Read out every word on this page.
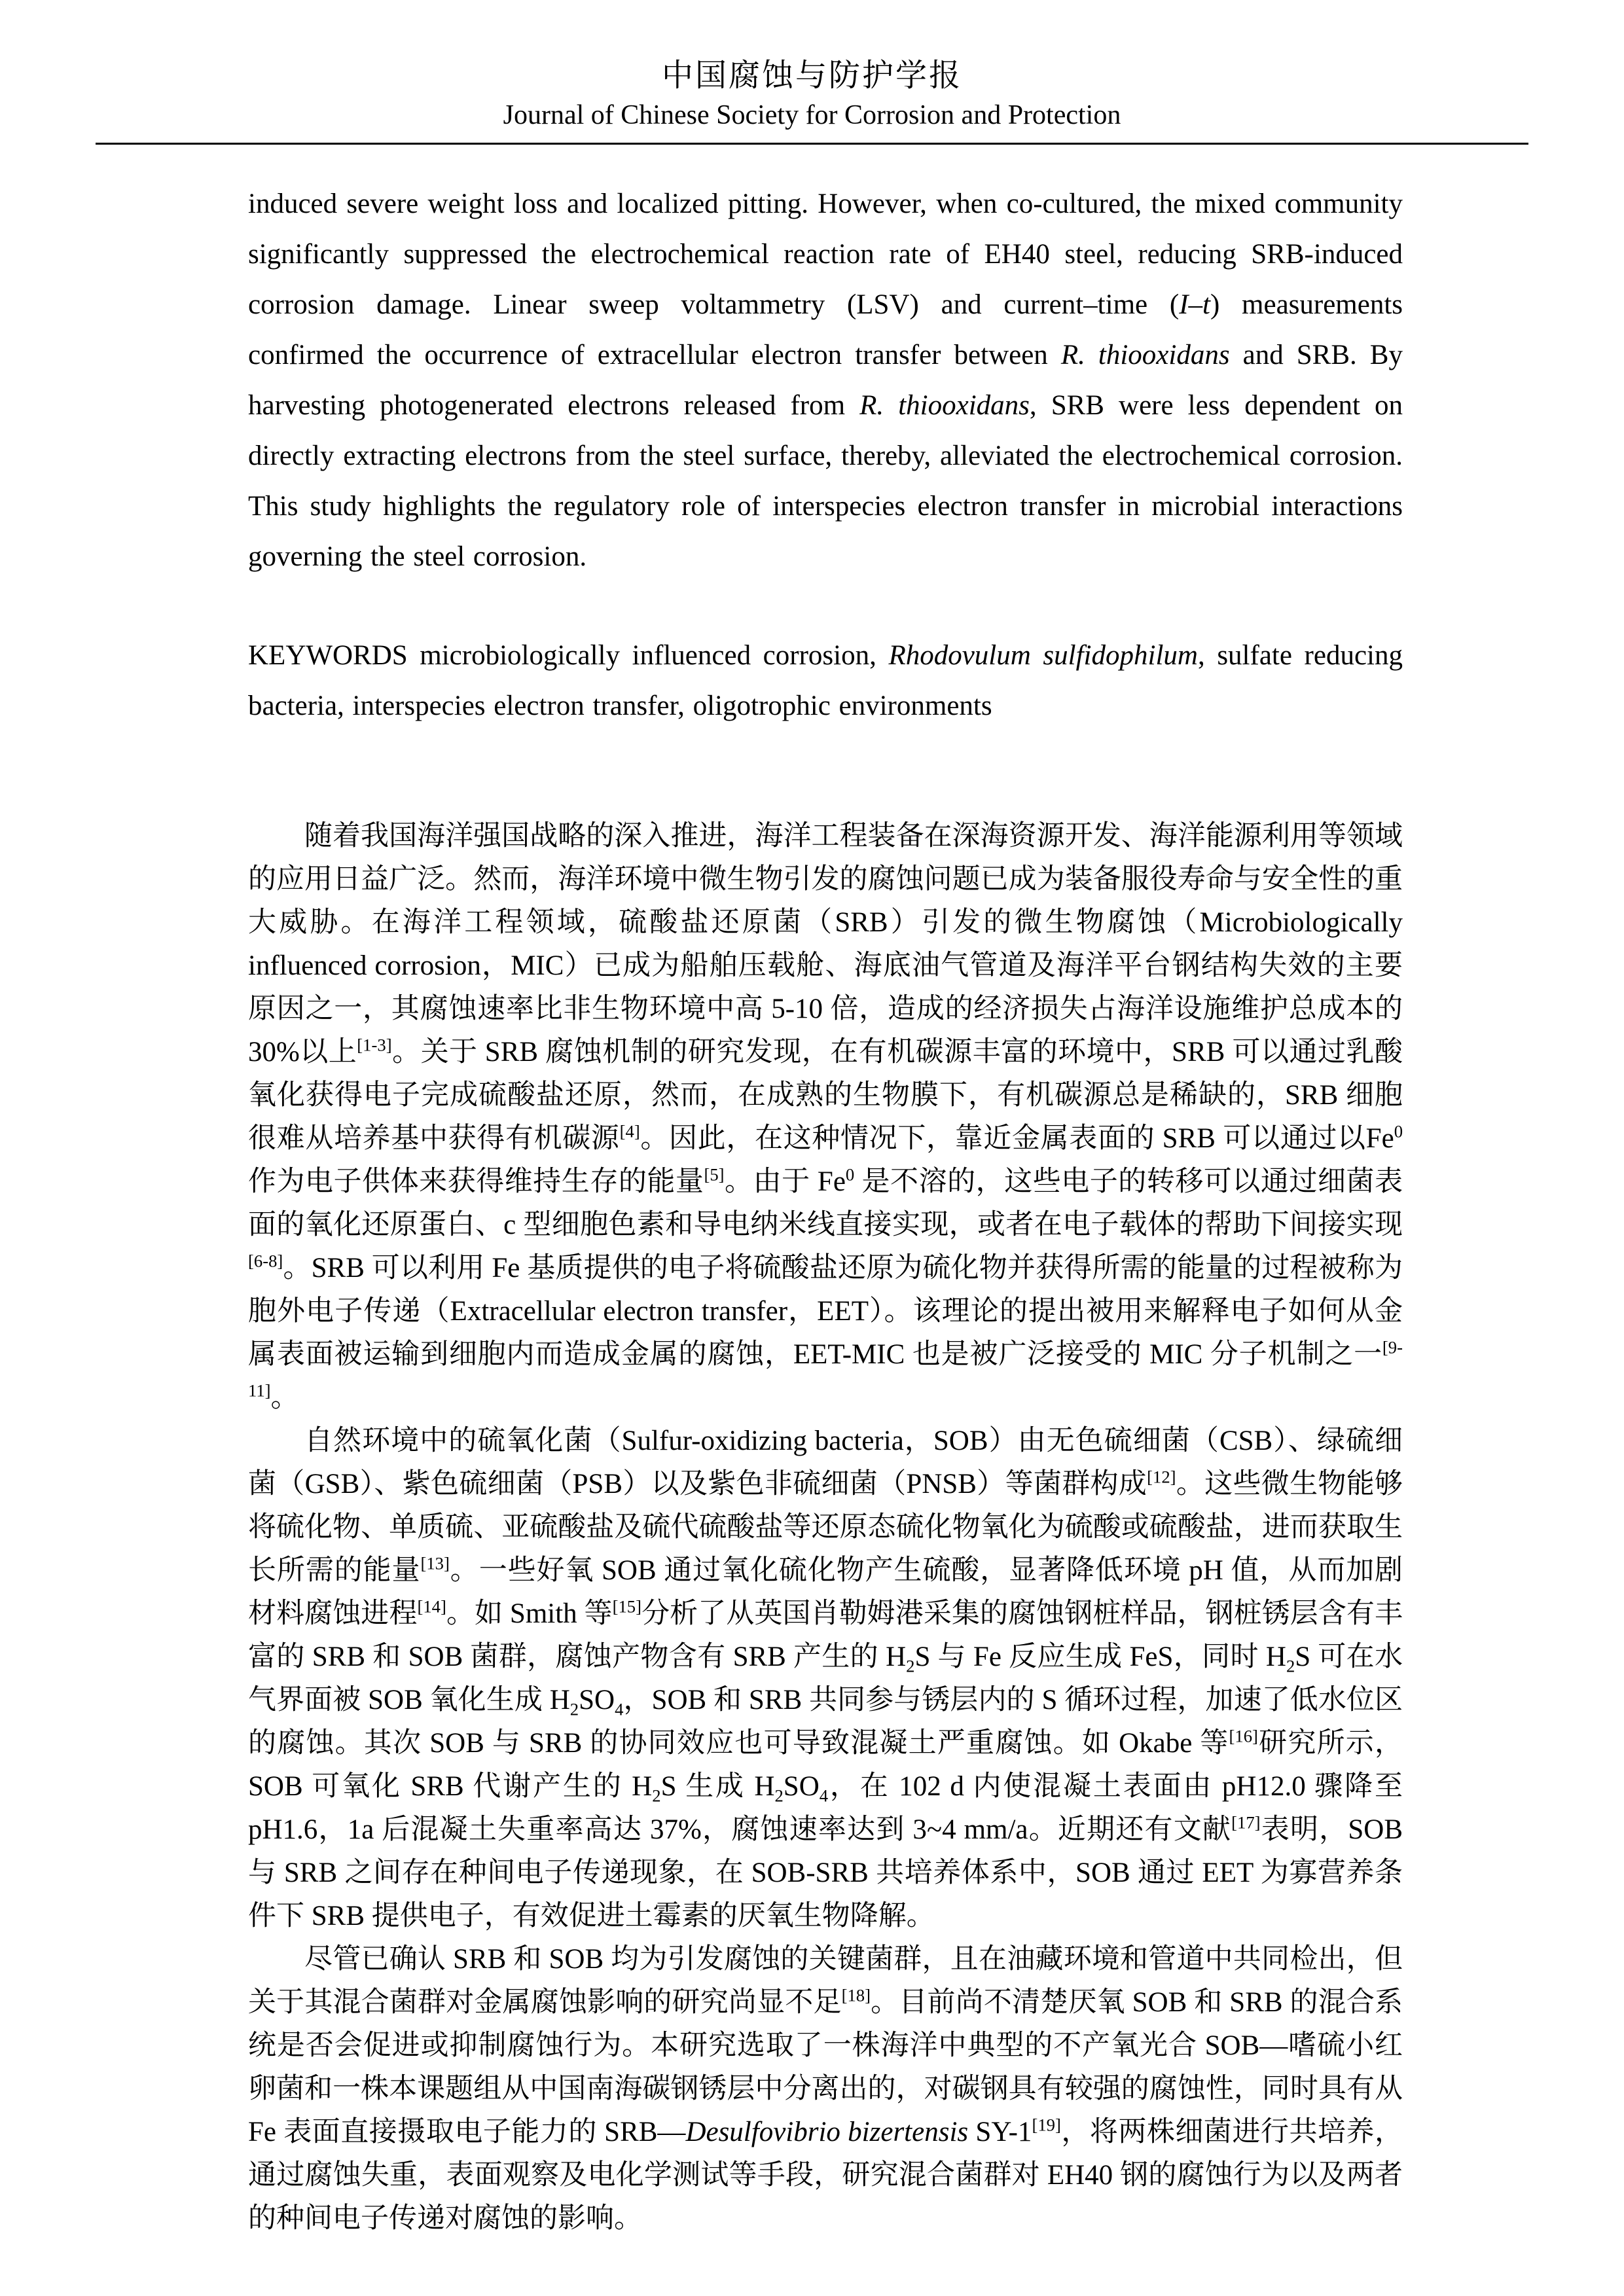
中国腐蚀与防护学报
Journal of Chinese Society for Corrosion and Protection

induced severe weight loss and localized pitting. However, when co-cultured, the mixed community significantly suppressed the electrochemical reaction rate of EH40 steel, reducing SRB-induced corrosion damage. Linear sweep voltammetry (LSV) and current–time (I–t) measurements confirmed the occurrence of extracellular electron transfer between R. thiooxidans and SRB. By harvesting photogenerated electrons released from R. thiooxidans, SRB were less dependent on directly extracting electrons from the steel surface, thereby, alleviated the electrochemical corrosion. This study highlights the regulatory role of interspecies electron transfer in microbial interactions governing the steel corrosion.

KEYWORDS microbiologically influenced corrosion, Rhodovulum sulfidophilum, sulfate reducing bacteria, interspecies electron transfer, oligotrophic environments

随着我国海洋强国战略的深入推进，海洋工程装备在深海资源开发、海洋能源利用等领域的应用日益广泛。然而，海洋环境中微生物引发的腐蚀问题已成为装备服役寿命与安全性的重大威胁。在海洋工程领域，硫酸盐还原菌（SRB）引发的微生物腐蚀（Microbiologically influenced corrosion，MIC）已成为船舶压载舱、海底油气管道及海洋平台钢结构失效的主要原因之一，其腐蚀速率比非生物环境中高 5-10 倍，造成的经济损失占海洋设施维护总成本的30%以上[1-3]。关于 SRB 腐蚀机制的研究发现，在有机碳源丰富的环境中，SRB 可以通过乳酸氧化获得电子完成硫酸盐还原，然而，在成熟的生物膜下，有机碳源总是稀缺的，SRB 细胞很难从培养基中获得有机碳源[4]。因此，在这种情况下，靠近金属表面的 SRB 可以通过以Fe$^0$ 作为电子供体来获得维持生存的能量[5]。由于 Fe$^0$ 是不溶的，这些电子的转移可以通过细菌表面的氧化还原蛋白、c 型细胞色素和导电纳米线直接实现，或者在电子载体的帮助下间接实现[6-8]。SRB 可以利用 Fe 基质提供的电子将硫酸盐还原为硫化物并获得所需的能量的过程被称为胞外电子传递（Extracellular electron transfer，EET）。该理论的提出被用来解释电子如何从金属表面被运输到细胞内而造成金属的腐蚀，EET-MIC 也是被广泛接受的 MIC 分子机制之一[9-11]。

自然环境中的硫氧化菌（Sulfur-oxidizing bacteria，SOB）由无色硫细菌（CSB）、绿硫细菌（GSB）、紫色硫细菌（PSB）以及紫色非硫细菌（PNSB）等菌群构成[12]。这些微生物能够将硫化物、单质硫、亚硫酸盐及硫代硫酸盐等还原态硫化物氧化为硫酸或硫酸盐，进而获取生长所需的能量[13]。一些好氧 SOB 通过氧化硫化物产生硫酸，显著降低环境 pH 值，从而加剧材料腐蚀进程[14]。如 Smith 等[15]分析了从英国肖勒姆港采集的腐蚀钢桩样品，钢桩锈层含有丰富的 SRB 和 SOB 菌群，腐蚀产物含有 SRB 产生的 $H_2S$ 与 Fe 反应生成 FeS，同时 $H_2S$ 可在水气界面被 SOB 氧化生成 $H_2SO_4$，SOB 和 SRB 共同参与锈层内的 S 循环过程，加速了低水位区的腐蚀。其次 SOB 与 SRB 的协同效应也可导致混凝土严重腐蚀。如 Okabe 等[16]研究所示，SOB 可氧化 SRB 代谢产生的 $H_2S$ 生成 $H_2SO_4$，在 102 d 内使混凝土表面由 pH12.0 骤降至 pH1.6，1a 后混凝土失重率高达 37%，腐蚀速率达到 3~4 mm/a。近期还有文献[17]表明，SOB 与 SRB 之间存在种间电子传递现象，在 SOB-SRB 共培养体系中，SOB 通过 EET 为寡营养条件下 SRB 提供电子，有效促进土霉素的厌氧生物降解。

尽管已确认 SRB 和 SOB 均为引发腐蚀的关键菌群，且在油藏环境和管道中共同检出，但关于其混合菌群对金属腐蚀影响的研究尚显不足[18]。目前尚不清楚厌氧 SOB 和 SRB 的混合系统是否会促进或抑制腐蚀行为。本研究选取了一株海洋中典型的不产氧光合 SOB—嗜硫小红卵菌和一株本课题组从中国南海碳钢锈层中分离出的，对碳钢具有较强的腐蚀性，同时具有从 Fe 表面直接摄取电子能力的 SRB—Desulfovibrio bizertensis SY-1[19]，将两株细菌进行共培养，通过腐蚀失重，表面观察及电化学测试等手段，研究混合菌群对 EH40 钢的腐蚀行为以及两者的种间电子传递对腐蚀的影响。
